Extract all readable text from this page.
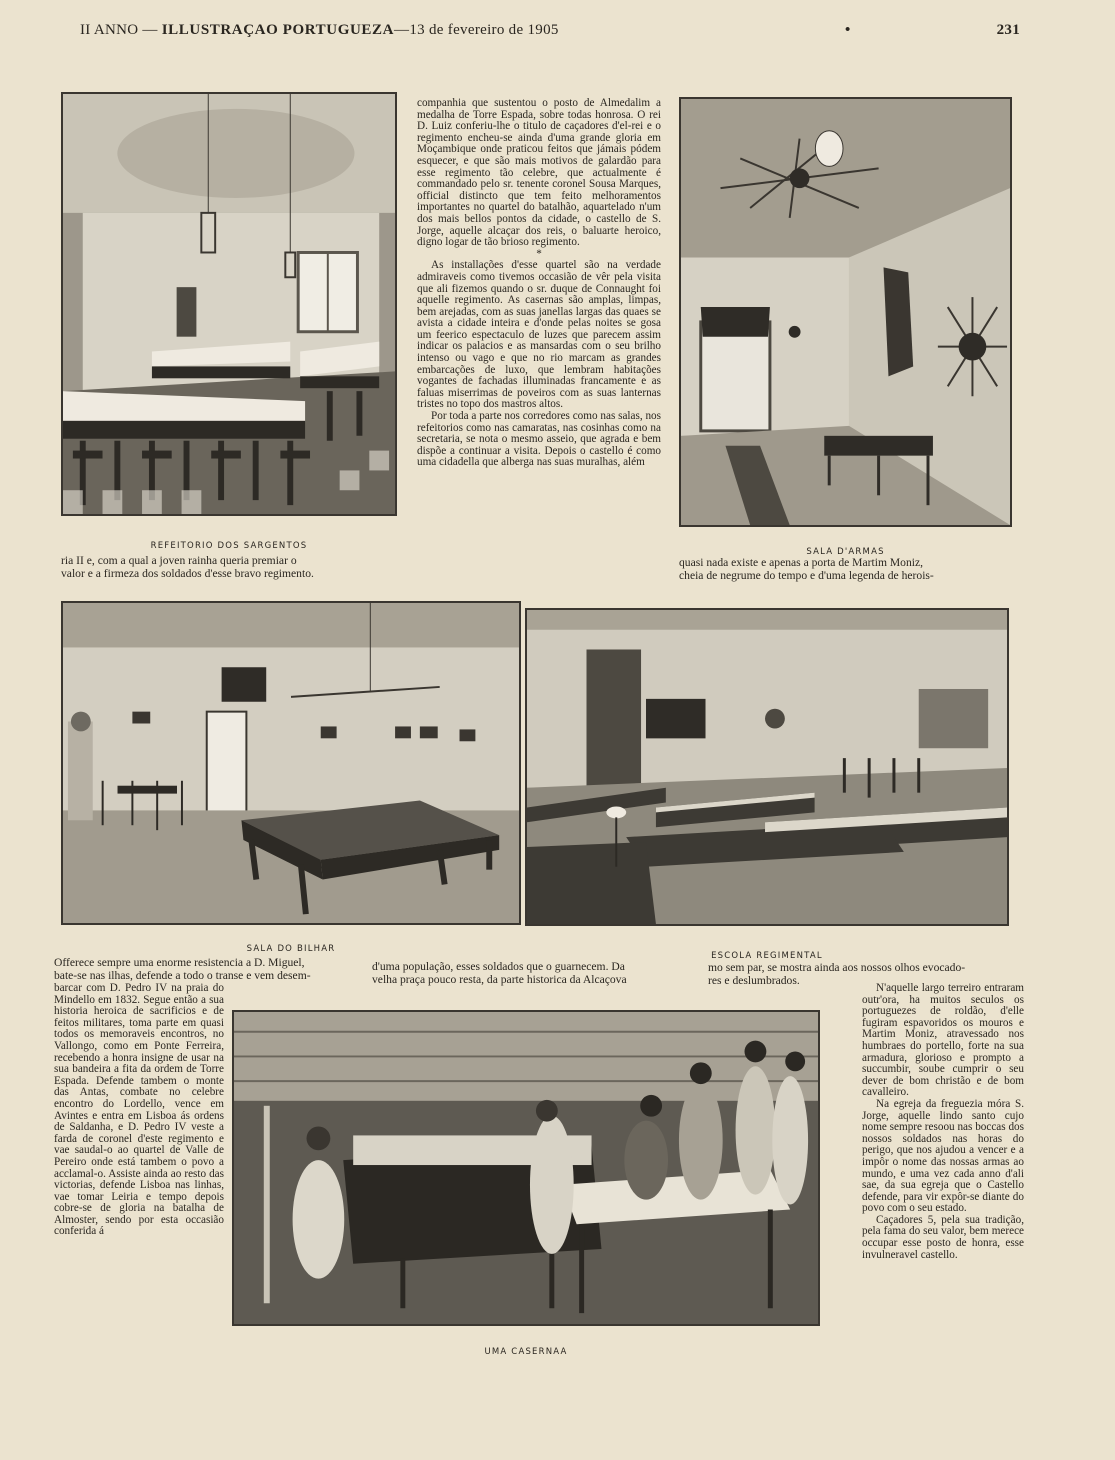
II ANNO — ILLUSTRAÇAO PORTUGUEZA—13 de fevereiro de 1905	•	231
REFEITORIO DOS SARGENTOS
ria II e, com a qual a joven rainha queria premiar o
valor e a firmeza dos soldados d'esse bravo regimento.

companhia que sustentou o posto de Almedalim a medalha de Torre Espada, sobre todas honrosa. O rei D. Luiz conferiu-lhe o titulo de caçadores d'el-rei e o regimento encheu-se ainda d'uma grande gloria em Moçambique onde praticou feitos que jámais pódem esquecer, e que são mais motivos de galardão para esse regimento tão celebre, que actualmente é commandado pelo sr. tenente coronel Sousa Marques, official distincto que tem feito melhoramentos importantes no quartel do batalhão, aquartelado n'um dos mais bellos pontos da cidade, o castello de S. Jorge, aquelle alcaçar dos reis, o baluarte heroico, digno logar de tão brioso regimento.

*

As installações d'esse quartel são na verdade admiraveis como tivemos occasião de vêr pela visita que ali fizemos quando o sr. duque de Connaught foi aquelle regimento. As casernas são amplas, limpas, bem arejadas, com as suas janellas largas das quaes se avista a cidade inteira e d'onde pelas noites se gosa um feerico espectaculo de luzes que parecem assim indicar os palacios e as mansardas com o seu brilho intenso ou vago e que no rio marcam as grandes embarcações de luxo, que lembram habitações vogantes de fachadas illuminadas francamente e as faluas miserrimas de poveiros com as suas lanternas tristes no topo dos mastros altos.

Por toda a parte nos corredores como nas salas, nos refeitorios como nas camaratas, nas cosinhas como na secretaria, se nota o mesmo asseio, que agrada e bem dispõe a continuar a visita. Depois o castello é como uma cidadella que alberga nas suas muralhas, além

SALA D'ARMAS
quasi nada existe e apenas a porta de Martim Moniz,
cheia de negrume do tempo e d'uma legenda de herois-
SALA DO BILHAR
ESCOLA REGIMENTAL
Offerece sempre uma enorme resistencia a D. Miguel,
bate-se nas ilhas, defende a todo o transe e vem desem-
d'uma população, esses soldados que o guarnecem. Da
velha praça pouco resta, da parte historica da Alcaçova
mo sem par, se mostra ainda aos nossos olhos evocado-
res e deslumbrados.

barcar com D. Pedro IV na praia do Mindello em 1832. Segue então a sua historia heroica de sacrificios e de feitos militares, toma parte em quasi todos os memoraveis encontros, no Vallongo, como em Ponte Ferreira, recebendo a honra insigne de usar na sua bandeira a fita da ordem de Torre Espada. Defende tambem o monte das Antas, combate no celebre encontro do Lordello, vence em Avintes e entra em Lisboa ás ordens de Saldanha, e D. Pedro IV veste a farda de coronel d'este regimento e vae saudal-o ao quartel de Valle de Pereiro onde está tambem o povo a acclamal-o. Assiste ainda ao resto das victorias, defende Lisboa nas linhas, vae tomar Leiria e tempo depois cobre-se de gloria na batalha de Almoster, sendo por esta occasião conferida á

UMA CASERNAA

N'aquelle largo terreiro entraram outr'ora, ha muitos seculos os portuguezes de roldão, d'elle fugiram espavoridos os mouros e Martim Moniz, atravessado nos humbraes do portello, forte na sua armadura, glorioso e prompto a succumbir, soube cumprir o seu dever de bom christão e de bom cavalleiro.

Na egreja da freguezia móra S. Jorge, aquelle lindo santo cujo nome sempre resoou nas boccas dos nossos soldados nas horas do perigo, que nos ajudou a vencer e a impôr o nome das nossas armas ao mundo, e uma vez cada anno d'ali sae, da sua egreja que o Castello defende, para vir expôr-se diante do povo com o seu estado.

Caçadores 5, pela sua tradição, pela fama do seu valor, bem merece occupar esse posto de honra, esse invulneravel castello.
